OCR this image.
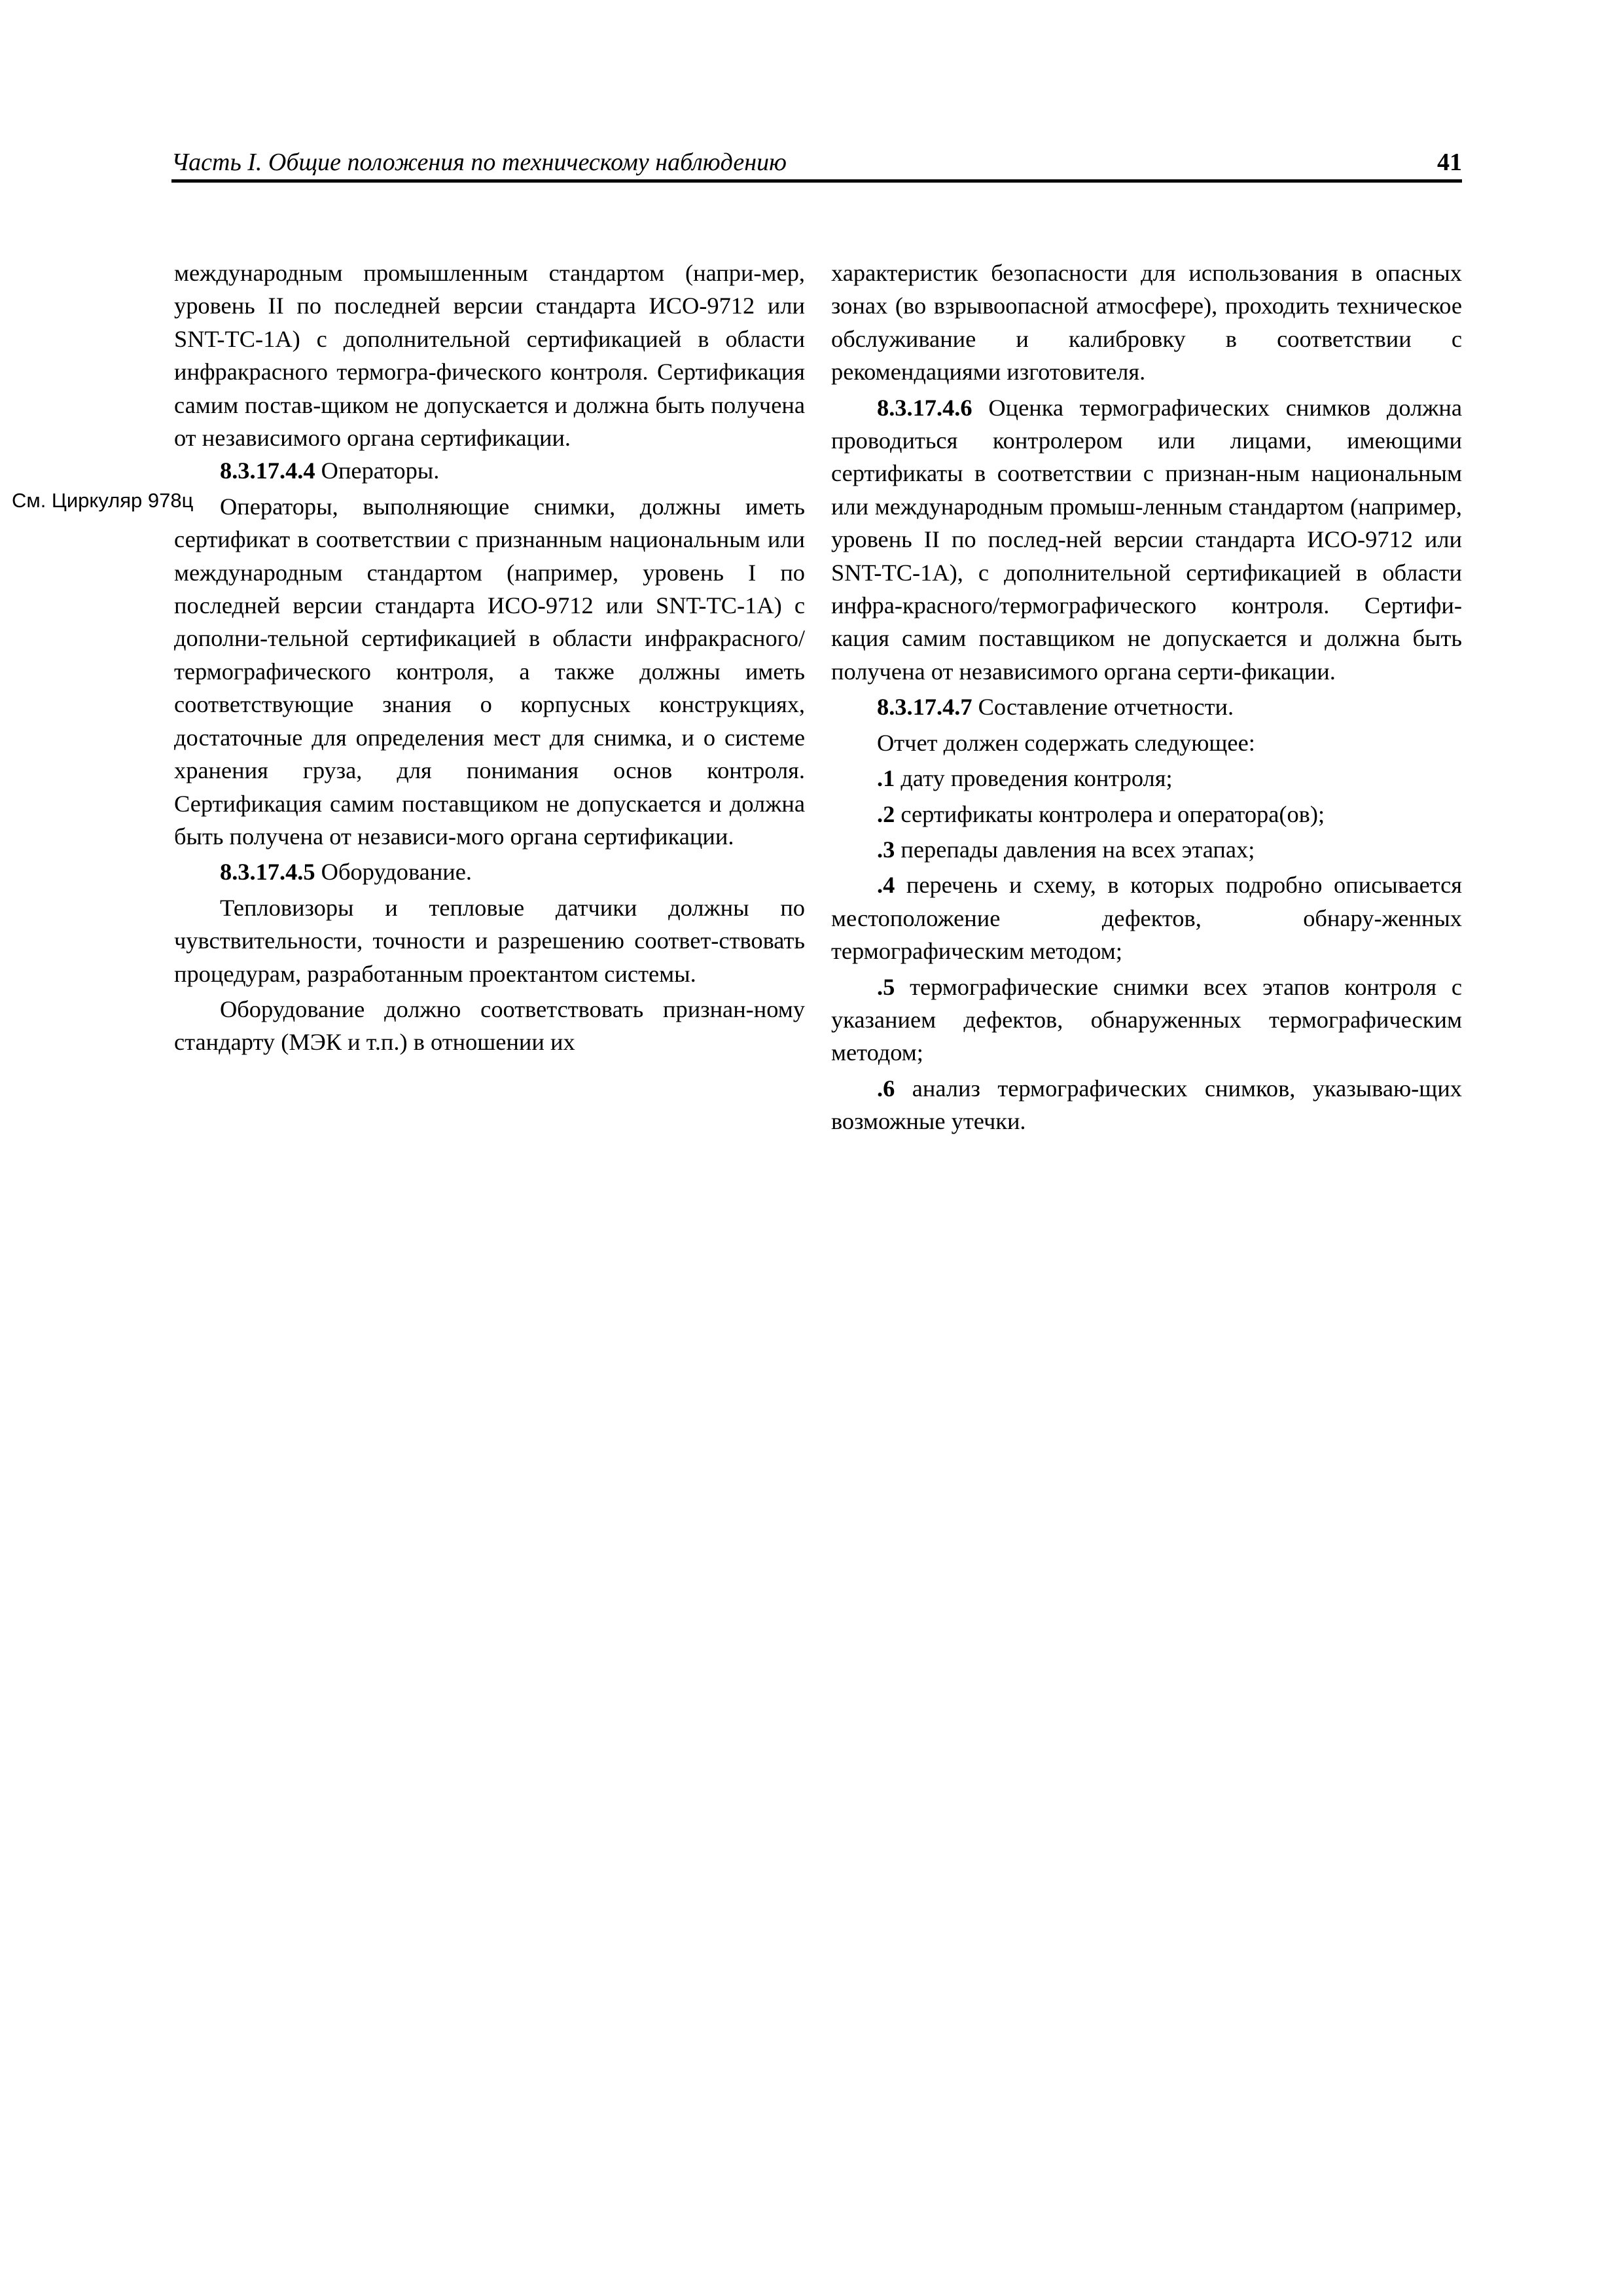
Часть I. Общие положения по техническому наблюдению	41
См. Циркуляр 978ц

международным промышленным стандартом (напри-мер, уровень II по последней версии стандарта ИСО-9712 или SNT-TC-1A) с дополнительной сертификацией в области инфракрасного термогра-фического контроля. Сертификация самим постав-щиком не допускается и должна быть получена от независимого органа сертификации.

8.3.17.4.4 Операторы.

Операторы, выполняющие снимки, должны иметь сертификат в соответствии с признанным национальным или международным стандартом (например, уровень I по последней версии стандарта ИСО-9712 или SNT-TC-1A) с дополни-тельной сертификацией в области инфракрасного/ термографического контроля, а также должны иметь соответствующие знания о корпусных конструкциях, достаточные для определения мест для снимка, и о системе хранения груза, для понимания основ контроля. Сертификация самим поставщиком не допускается и должна быть получена от независи-мого органа сертификации.

8.3.17.4.5 Оборудование.

Тепловизоры и тепловые датчики должны по чувствительности, точности и разрешению соответ-ствовать процедурам, разработанным проектантом системы.

Оборудование должно соответствовать признан-ному стандарту (МЭК и т.п.) в отношении их

характеристик безопасности для использования в опасных зонах (во взрывоопасной атмосфере), проходить техническое обслуживание и калибровку в соответствии с рекомендациями изготовителя.

8.3.17.4.6 Оценка термографических снимков должна проводиться контролером или лицами, имеющими сертификаты в соответствии с признан-ным национальным или международным промыш-ленным стандартом (например, уровень II по послед-ней версии стандарта ИСО-9712 или SNT-TC-1A), с дополнительной сертификацией в области инфра-красного/термографического контроля. Сертифи-кация самим поставщиком не допускается и должна быть получена от независимого органа серти-фикации.

8.3.17.4.7 Составление отчетности.

Отчет должен содержать следующее:

.1 дату проведения контроля;

.2 сертификаты контролера и оператора(ов);

.3 перепады давления на всех этапах;

.4 перечень и схему, в которых подробно описывается местоположение дефектов, обнару-женных термографическим методом;

.5 термографические снимки всех этапов контроля с указанием дефектов, обнаруженных термографическим методом;

.6 анализ термографических снимков, указываю-щих возможные утечки.
